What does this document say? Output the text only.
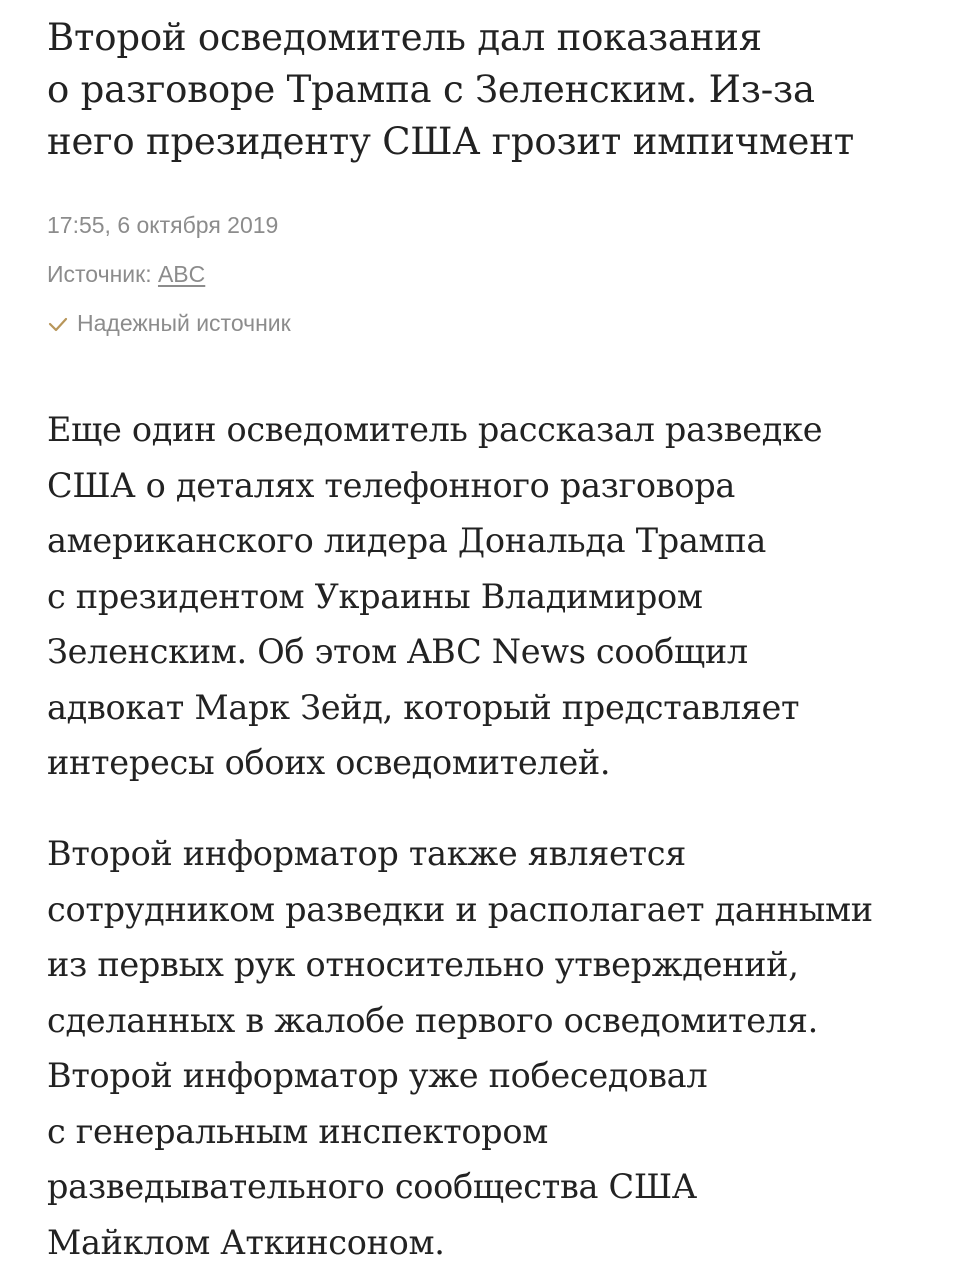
Второй осведомитель дал показания
о разговоре Трампа с Зеленским. Из-за
него президенту США грозит импичмент
17:55, 6 октября 2019
Источник: ABC
Надежный источник
Еще один осведомитель рассказал разведке
США о деталях телефонного разговора
американского лидера Дональда Трампа
с президентом Украины Владимиром
Зеленским. Об этом ABC News сообщил
адвокат Марк Зейд, который представляет
интересы обоих осведомителей.
Второй информатор также является
сотрудником разведки и располагает данными
из первых рук относительно утверждений,
сделанных в жалобе первого осведомителя.
Второй информатор уже побеседовал
с генеральным инспектором
разведывательного сообщества США
Майклом Аткинсоном.
